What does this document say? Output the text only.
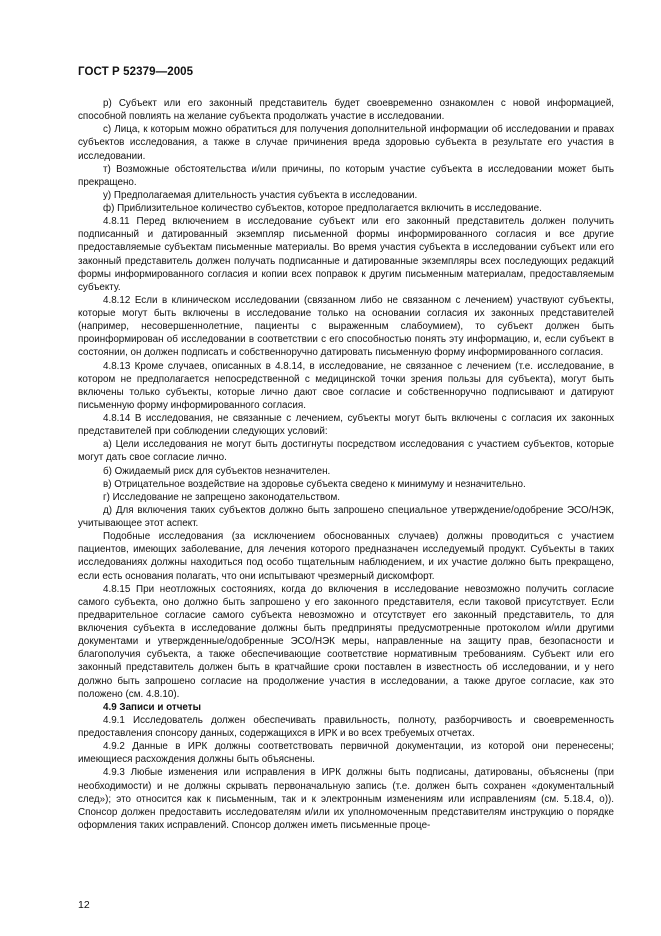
ГОСТ Р 52379—2005

р) Субъект или его законный представитель будет своевременно ознакомлен с новой информацией, способной повлиять на желание субъекта продолжать участие в исследовании.

с) Лица, к которым можно обратиться для получения дополнительной информации об исследовании и правах субъектов исследования, а также в случае причинения вреда здоровью субъекта в результате его участия в исследовании.

т) Возможные обстоятельства и/или причины, по которым участие субъекта в исследовании может быть прекращено.

у) Предполагаемая длительность участия субъекта в исследовании.

ф) Приблизительное количество субъектов, которое предполагается включить в исследование.

4.8.11 Перед включением в исследование субъект или его законный представитель должен получить подписанный и датированный экземпляр письменной формы информированного согласия и все другие предоставляемые субъектам письменные материалы. Во время участия субъекта в исследовании субъект или его законный представитель должен получать подписанные и датированные экземпляры всех последующих редакций формы информированного согласия и копии всех поправок к другим письменным материалам, предоставляемым субъекту.

4.8.12 Если в клиническом исследовании (связанном либо не связанном с лечением) участвуют субъекты, которые могут быть включены в исследование только на основании согласия их законных представителей (например, несовершеннолетние, пациенты с выраженным слабоумием), то субъект должен быть проинформирован об исследовании в соответствии с его способностью понять эту информацию, и, если субъект в состоянии, он должен подписать и собственноручно датировать письменную форму информированного согласия.

4.8.13 Кроме случаев, описанных в 4.8.14, в исследование, не связанное с лечением (т.е. исследование, в котором не предполагается непосредственной с медицинской точки зрения пользы для субъекта), могут быть включены только субъекты, которые лично дают свое согласие и собственноручно подписывают и датируют письменную форму информированного согласия.

4.8.14 В исследования, не связанные с лечением, субъекты могут быть включены с согласия их законных представителей при соблюдении следующих условий:

а) Цели исследования не могут быть достигнуты посредством исследования с участием субъектов, которые могут дать свое согласие лично.

б) Ожидаемый риск для субъектов незначителен.

в) Отрицательное воздействие на здоровье субъекта сведено к минимуму и незначительно.

г) Исследование не запрещено законодательством.

д) Для включения таких субъектов должно быть запрошено специальное утверждение/одобрение ЭСО/НЭК, учитывающее этот аспект.

Подобные исследования (за исключением обоснованных случаев) должны проводиться с участием пациентов, имеющих заболевание, для лечения которого предназначен исследуемый продукт. Субъекты в таких исследованиях должны находиться под особо тщательным наблюдением, и их участие должно быть прекращено, если есть основания полагать, что они испытывают чрезмерный дискомфорт.

4.8.15 При неотложных состояниях, когда до включения в исследование невозможно получить согласие самого субъекта, оно должно быть запрошено у его законного представителя, если таковой присутствует. Если предварительное согласие самого субъекта невозможно и отсутствует его законный представитель, то для включения субъекта в исследование должны быть предприняты предусмотренные протоколом и/или другими документами и утвержденные/одобренные ЭСО/НЭК меры, направленные на защиту прав, безопасности и благополучия субъекта, а также обеспечивающие соответствие нормативным требованиям. Субъект или его законный представитель должен быть в кратчайшие сроки поставлен в известность об исследовании, и у него должно быть запрошено согласие на продолжение участия в исследовании, а также другое согласие, как это положено (см. 4.8.10).

4.9 Записи и отчеты

4.9.1 Исследователь должен обеспечивать правильность, полноту, разборчивость и своевременность предоставления спонсору данных, содержащихся в ИРК и во всех требуемых отчетах.

4.9.2 Данные в ИРК должны соответствовать первичной документации, из которой они перенесены; имеющиеся расхождения должны быть объяснены.

4.9.3 Любые изменения или исправления в ИРК должны быть подписаны, датированы, объяснены (при необходимости) и не должны скрывать первоначальную запись (т.е. должен быть сохранен «документальный след»); это относится как к письменным, так и к электронным изменениям или исправлениям (см. 5.18.4, о)). Спонсор должен предоставить исследователям и/или их уполномоченным представителям инструкцию о порядке оформления таких исправлений. Спонсор должен иметь письменные проце-

12
